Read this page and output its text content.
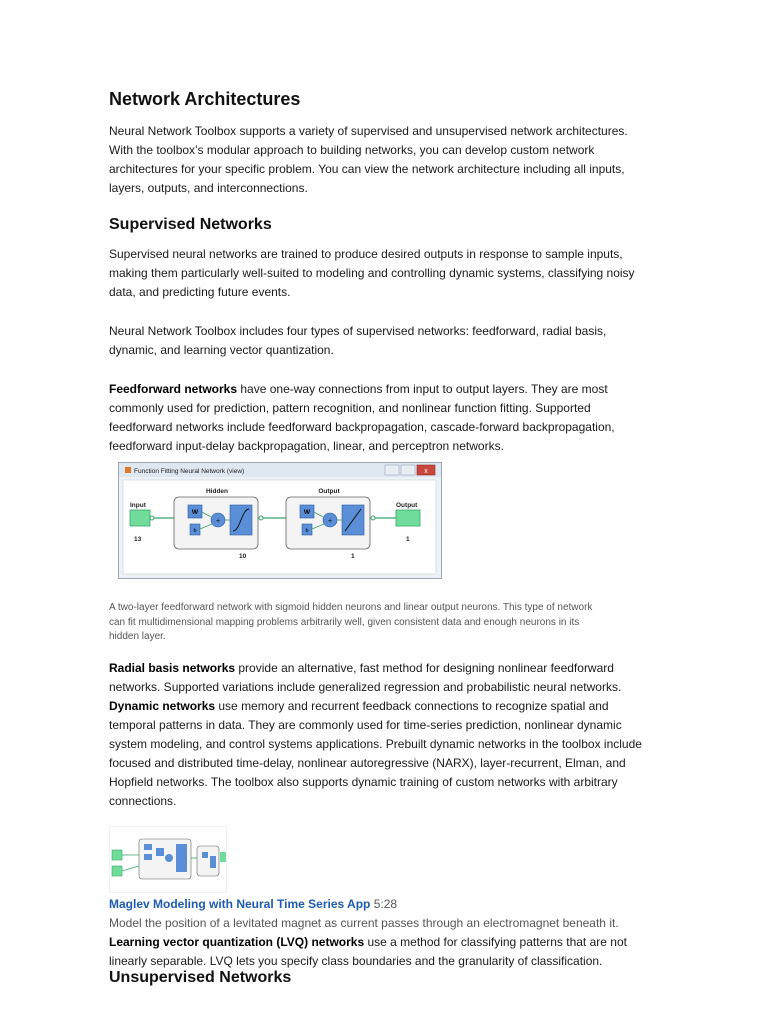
Network Architectures

Neural Network Toolbox supports a variety of supervised and unsupervised network architectures.
With the toolbox’s modular approach to building networks, you can develop custom network
architectures for your specific problem. You can view the network architecture including all inputs,
layers, outputs, and interconnections.

Supervised Networks

Supervised neural networks are trained to produce desired outputs in response to sample inputs,
making them particularly well-suited to modeling and controlling dynamic systems, classifying noisy
data, and predicting future events.

Neural Network Toolbox includes four types of supervised networks: feedforward, radial basis,
dynamic, and learning vector quantization.

Feedforward networks have one-way connections from input to output layers. They are most
commonly used for prediction, pattern recognition, and nonlinear function fitting. Supported
feedforward networks include feedforward backpropagation, cascade-forward backpropagation,
feedforward input-delay backpropagation, linear, and perceptron networks.

Function Fitting Neural Network (view)	x
Input
13
Hidden
W
b
+
10
Output
W
b
+
1
Output
1

A two-layer feedforward network with sigmoid hidden neurons and linear output neurons. This type of network
can fit multidimensional mapping problems arbitrarily well, given consistent data and enough neurons in its
hidden layer.

Radial basis networks provide an alternative, fast method for designing nonlinear feedforward
networks. Supported variations include generalized regression and probabilistic neural networks.
Dynamic networks use memory and recurrent feedback connections to recognize spatial and
temporal patterns in data. They are commonly used for time-series prediction, nonlinear dynamic
system modeling, and control systems applications. Prebuilt dynamic networks in the toolbox include
focused and distributed time-delay, nonlinear autoregressive (NARX), layer-recurrent, Elman, and
Hopfield networks. The toolbox also supports dynamic training of custom networks with arbitrary
connections.

Maglev Modeling with Neural Time Series App 5:28
Model the position of a levitated magnet as current passes through an electromagnet beneath it.
Learning vector quantization (LVQ) networks use a method for classifying patterns that are not
linearly separable. LVQ lets you specify class boundaries and the granularity of classification.

Unsupervised Networks
